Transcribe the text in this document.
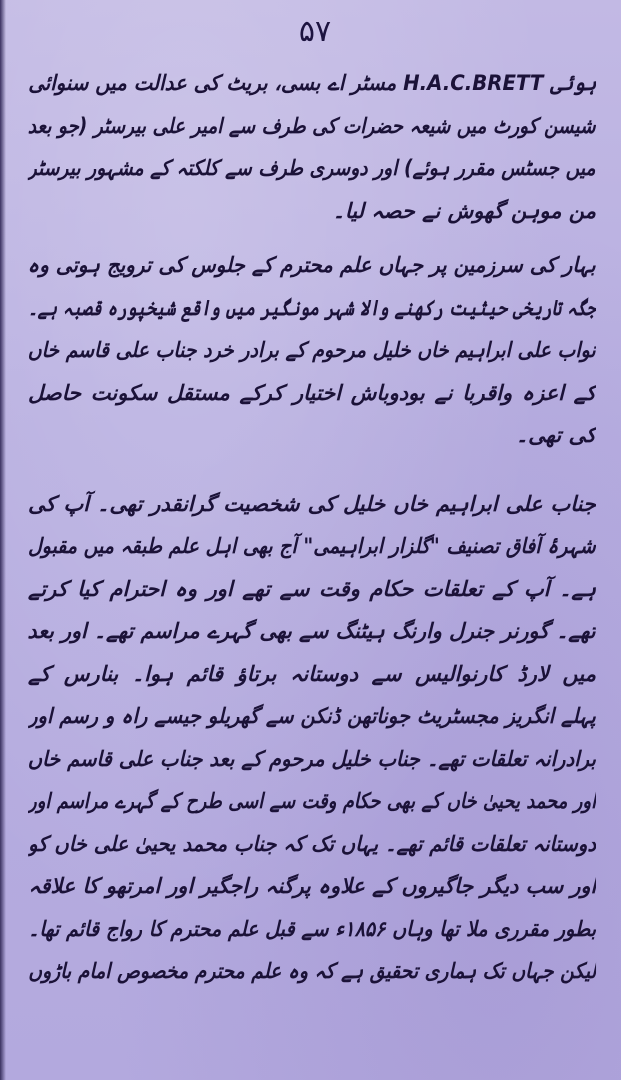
۵۷
ہوئی H.A.C.BRETT مسٹر اے بسی، بریٹ کی عدالت میں سنوائی
شیسن کورٹ میں شیعہ حضرات کی طرف سے امیر علی بیرسٹر (جو بعد
میں جسٹس مقرر ہوئے) اور دوسری طرف سے کلکتہ کے مشہور بیرسٹر
من موہن گھوش نے حصہ لیا۔
بہار کی سرزمین پر جہاں علم محترم کے جلوس کی ترویج ہوتی وہ
جگہ تاریخی حیثیت رکھنے والا شہر مونگیر میں واقع شیخپورہ قصبہ ہے۔
نواب علی ابراہیم خاں خلیل مرحوم کے برادر خرد جناب علی قاسم خاں
کے اعزہ واقربا نے بودوباش اختیار کرکے مستقل سکونت حاصل
کی تھی۔
جناب علی ابراہیم خاں خلیل کی شخصیت گرانقدر تھی۔ آپ کی
شہرۂ آفاق تصنیف "گلزار ابراہیمی" آج بھی اہل علم طبقہ میں مقبول
ہے۔ آپ کے تعلقات حکام وقت سے تھے اور وہ احترام کیا کرتے
تھے۔ گورنر جنرل وارنگ ہیٹنگ سے بھی گہرے مراسم تھے۔ اور بعد
میں لارڈ کارنوالیس سے دوستانہ برتاؤ قائم ہوا۔ بنارس کے
پہلے انگریز مجسٹریٹ جوناتھن ڈنکن سے گھریلو جیسے راہ و رسم اور
برادرانہ تعلقات تھے۔ جناب خلیل مرحوم کے بعد جناب علی قاسم خاں
اور محمد یحییٰ خاں کے بھی حکام وقت سے اسی طرح کے گہرے مراسم اور
دوستانہ تعلقات قائم تھے۔ یہاں تک کہ جناب محمد یحییٰ علی خاں کو
اور سب دیگر جاگیروں کے علاوہ پرگنہ راجگیر اور امرتھو کا علاقہ
بطور مقرری ملا تھا وہاں ۱۸۵۶ء سے قبل علم محترم کا رواج قائم تھا۔
لیکن جہاں تک ہماری تحقیق ہے کہ وہ علم محترم مخصوص امام باڑوں
